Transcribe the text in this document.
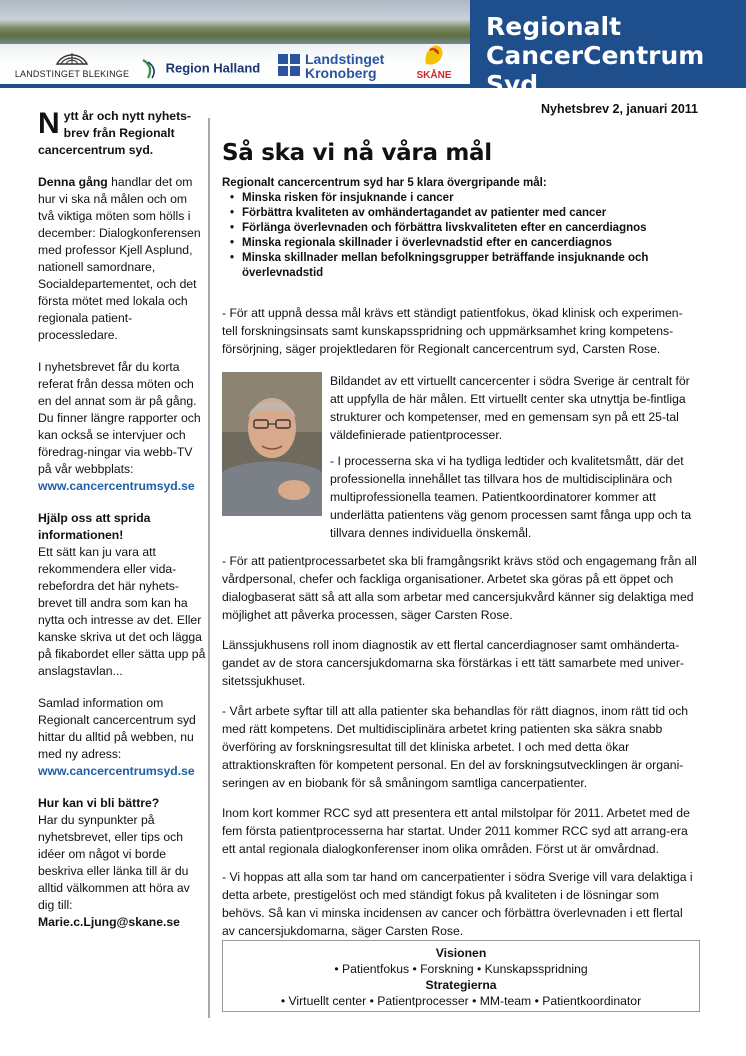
Regionalt
CancerCentrum Syd
LANDSTINGET BLEKINGE	Region Halland
Landstinget
Kronoberg	SKÅNE
Nyhetsbrev 2, januari 2011

Nytt år och nytt nyhets-brev från Regionalt cancercentrum syd.

Denna gång handlar det om hur vi ska nå målen och om två viktiga möten som hölls i december: Dialogkonferensen med professor Kjell Asplund, nationell samordnare, Socialdepartementet, och det första mötet med lokala och regionala patient-processledare.

I nyhetsbrevet får du korta referat från dessa möten och en del annat som är på gång. Du finner längre rapporter och kan också se intervjuer och föredrag-ningar via webb-TV på vår webbplats:
www.cancercentrumsyd.se

Hjälp oss att sprida informationen!
Ett sätt kan ju vara att rekommendera eller vida-rebefordra det här nyhets-brevet till andra som kan ha nytta och intresse av det. Eller kanske skriva ut det och lägga på fikabordet eller sätta upp på anslagstavlan...

Samlad information om Regionalt cancercentrum syd hittar du alltid på webben, nu med ny adress:
www.cancercentrumsyd.se

Hur kan vi bli bättre?
Har du synpunkter på nyhetsbrevet, eller tips och idéer om något vi borde beskriva eller länka till är du alltid välkommen att höra av dig till:
Marie.c.Ljung@skane.se

Så ska vi nå våra mål
Regionalt cancercentrum syd har 5 klara övergripande mål:
• Minska risken för insjuknande i cancer
• Förbättra kvaliteten av omhändertagandet av patienter med cancer
• Förlänga överlevnaden och förbättra livskvaliteten efter en cancerdiagnos
• Minska regionala skillnader i överlevnadstid efter en cancerdiagnos
• Minska skillnader mellan befolkningsgrupper beträffande insjuknande och överlevnadstid
- För att uppnå dessa mål krävs ett ständigt patientfokus, ökad klinisk och experimen-tell forskningsinsats samt kunskapsspridning och uppmärksamhet kring kompetens-försörjning, säger projektledaren för Regionalt cancercentrum syd, Carsten Rose.
Bildandet av ett virtuellt cancercenter i södra Sverige är centralt för att uppfylla de här målen. Ett virtuellt center ska utnyttja be-fintliga strukturer och kompetenser, med en gemensam syn på ett 25-tal väldefinierade patientprocesser.
- I processerna ska vi ha tydliga ledtider och kvalitetsmått, där det professionella innehållet tas tillvara hos de multidisciplinära och multiprofessionella teamen. Patientkoordinatorer kommer att underlätta patientens väg genom processen samt fånga upp och ta tillvara dennes individuella önskemål.
- För att patientprocessarbetet ska bli framgångsrikt krävs stöd och engagemang från all vårdpersonal, chefer och fackliga organisationer. Arbetet ska göras på ett öppet och dialogbaserat sätt så att alla som arbetar med cancersjukvård känner sig delaktiga med möjlighet att påverka processen, säger Carsten Rose.
Länssjukhusens roll inom diagnostik av ett flertal cancerdiagnoser samt omhänderta-gandet av de stora cancersjukdomarna ska förstärkas i ett tätt samarbete med univer-sitetssjukhuset.
- Vårt arbete syftar till att alla patienter ska behandlas för rätt diagnos, inom rätt tid och med rätt kompetens. Det multidisciplinära arbetet kring patienten ska säkra snabb överföring av forskningsresultat till det kliniska arbetet. I och med detta ökar attraktionskraften för kompetent personal. En del av forskningsutvecklingen är organi-seringen av en biobank för så småningom samtliga cancerpatienter.
Inom kort kommer RCC syd att presentera ett antal milstolpar för 2011. Arbetet med de fem första patientprocesserna har startat. Under 2011 kommer RCC syd att arrang-era ett antal regionala dialogkonferenser inom olika områden. Först ut är omvårdnad.
- Vi hoppas att alla som tar hand om cancerpatienter i södra Sverige vill vara delaktiga i detta arbete, prestigelöst och med ständigt fokus på kvaliteten i de lösningar som behövs. Så kan vi minska incidensen av cancer och förbättra överlevnaden i ett flertal av cancersjukdomarna, säger Carsten Rose.
Visionen
• Patientfokus • Forskning • Kunskapsspridning
Strategierna
• Virtuellt center • Patientprocesser • MM-team • Patientkoordinator
